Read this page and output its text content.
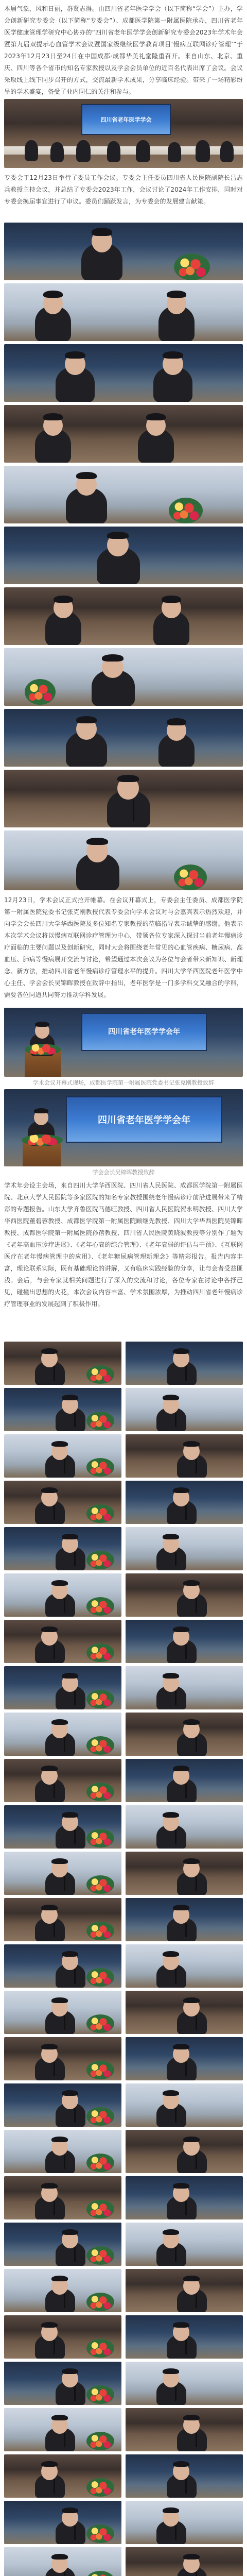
本届气象，风和日丽，群贤志得。由四川省老年医学学会（以下简称“学会”）主办，学会创新研究专委会（以下简称“专委会”）、成都医学院第一附属医院承办，四川省老年医学健康管理学研究中心协办的“四川省老年医学学会创新研究专委会2023年学术年会暨第九届双提示心血管学术会议暨国家级继续医学教育项目‘慢病互联网诊疗管理’”于2023年12月23日至24日在中国成都·成都华美礼堂隆重召开。来自山东、北京、重庆、四川等各个省市的知名专家教授以及学会会员单位的近百名代表出席了会议。会议采取线上线下同步召开的方式，交流最新学术成果，分享临床经验。带来了一场精彩纷呈的学术盛宴，备受了业内同仁的关注和参与。
四川省老年医学学会
专委会于12月23日举行了委员工作会议。专委会主任委员四川省人民医院副院长吕志兵教授主持会议，并总结了专委会2023年工作，会议讨论了2024年工作安排，同时对专委会换届事宜进行了审议。委员们踊跃发言，为专委会的发展建言献策。
12月23日，学术会议正式拉开帷幕。在会议开幕式上，专委会主任委员、成都医学院第一附属医院党委书记张克刚教授代表专委会向学术会议对与会嘉宾表示热烈欢迎，并向学会会长四川大学华西医院及多位知名专家教授的莅临指导表示诚挚的感谢。他表示本次学术会议将以慢病互联网诊疗管理为中心，带领各位专家深入探讨当前老年慢病诊疗面临的主要问题以及创新研究，同时大会将围绕老年常见的心血管疾病、糖尿病、高血压、肺病等慢病展开交流与讨论，希望通过本次会议为各位与会者带来新知识、新理念、新方法，推动四川省老年慢病诊疗管理水平的提升。四川大学华西医院老年医学中心主任、学会会长吴锦晖教授在致辞中指出，老年医学是一门多学科交叉融合的学科，需要各位同道共同努力推动学科发展。
四川省老年医学学会年
学术会议开幕式现场，成都医学院第一附属医院党委书记张克刚教授致辞
四川省老年医学学会年
学会会长吴锦晖教授致辞
学术年会设主会场，来自四川大学华西医院、四川省人民医院、成都医学院第一附属医院、北京大学人民医院等多家医院的知名专家教授围绕老年慢病诊疗前沿进展带来了精彩的专题报告。山东大学齐鲁医院马德旺教授、四川省人民医院贺永明教授、四川大学华西医院董碧蓉教授、成都医学院第一附属医院顾继先教授、四川大学华西医院吴锦晖教授、成都医学院第一附属医院孙蓓教授、四川省人民医院黄晓波教授等分别作了题为《老年高血压诊疗进展》、《老年心衰的综合管理》、《老年衰弱的评估与干预》、《互联网医疗在老年慢病管理中的应用》、《老年糖尿病管理新理念》等精彩报告。报告内容丰富，理论联系实际，既有基础理论的讲解，又有临床实践经验的分享，让与会者受益匪浅。会后，与会专家就相关问题进行了深入的交流和讨论，各位专家在讨论中各抒己见，碰撞出思想的火花，本次会议内容丰富、学术氛围浓厚，为推动四川省老年慢病诊疗管理事业的发展起到了积极作用。
